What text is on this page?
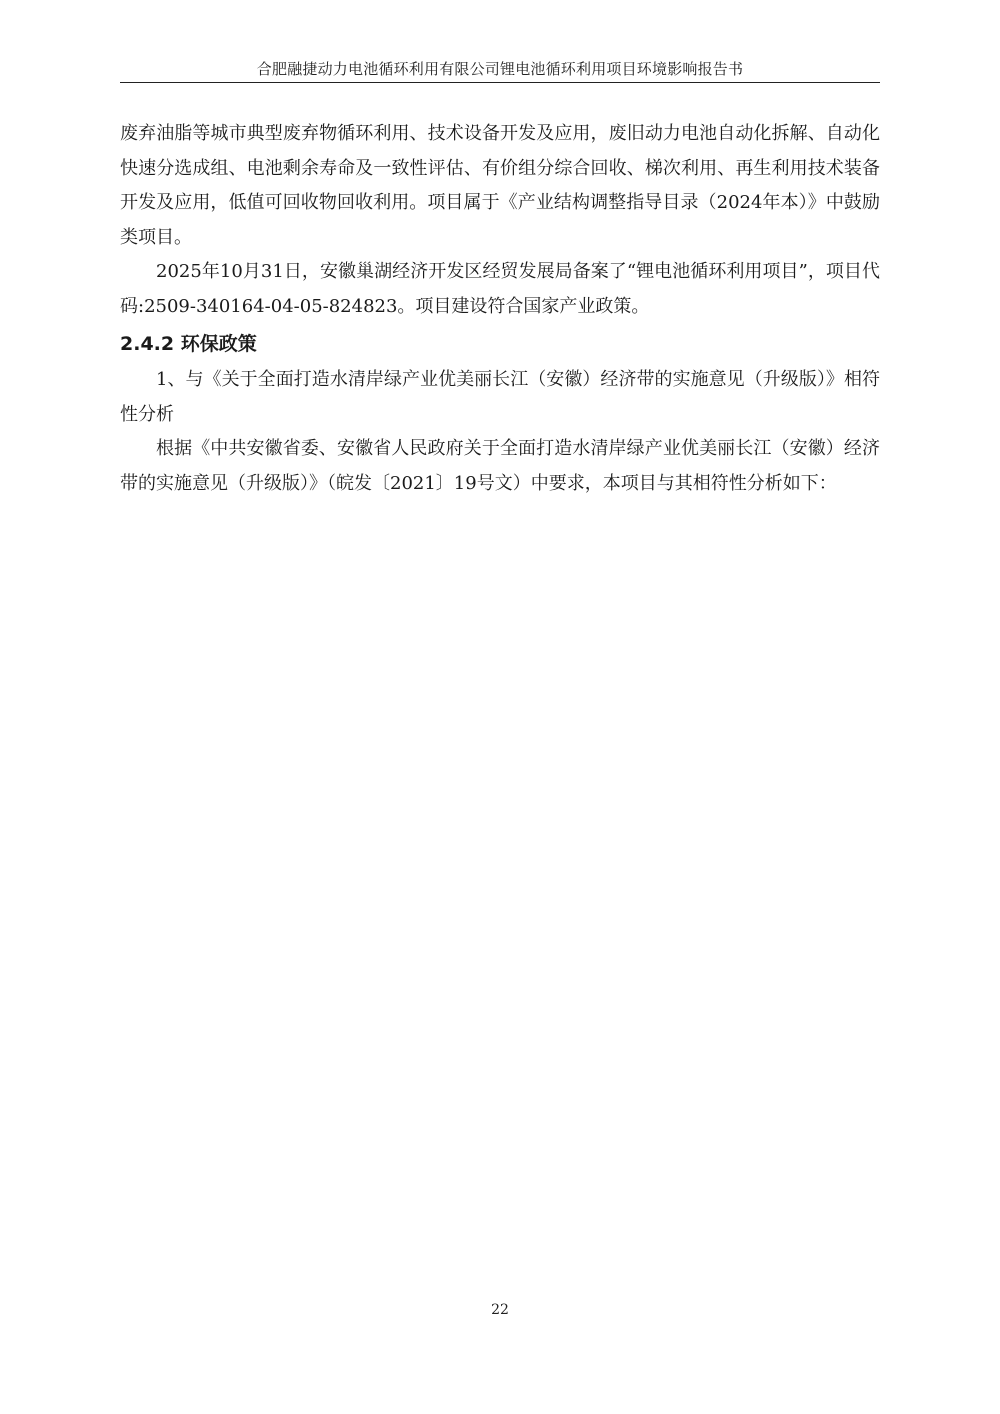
合肥融捷动力电池循环利用有限公司锂电池循环利用项目环境影响报告书

废弃油脂等城市典型废弃物循环利用、技术设备开发及应用，废旧动力电池自动化拆解、自动化快速分选成组、电池剩余寿命及一致性评估、有价组分综合回收、梯次利用、再生利用技术装备开发及应用，低值可回收物回收利用。项目属于《产业结构调整指导目录（2024年本）》中鼓励类项目。

2025年10月31日，安徽巢湖经济开发区经贸发展局备案了“锂电池循环利用项目”，项目代码:2509-340164-04-05-824823。项目建设符合国家产业政策。

2.4.2 环保政策

1、与《关于全面打造水清岸绿产业优美丽长江（安徽）经济带的实施意见（升级版）》相符性分析

根据《中共安徽省委、安徽省人民政府关于全面打造水清岸绿产业优美丽长江（安徽）经济带的实施意见（升级版）》（皖发〔2021〕19号文）中要求，本项目与其相符性分析如下：

22
